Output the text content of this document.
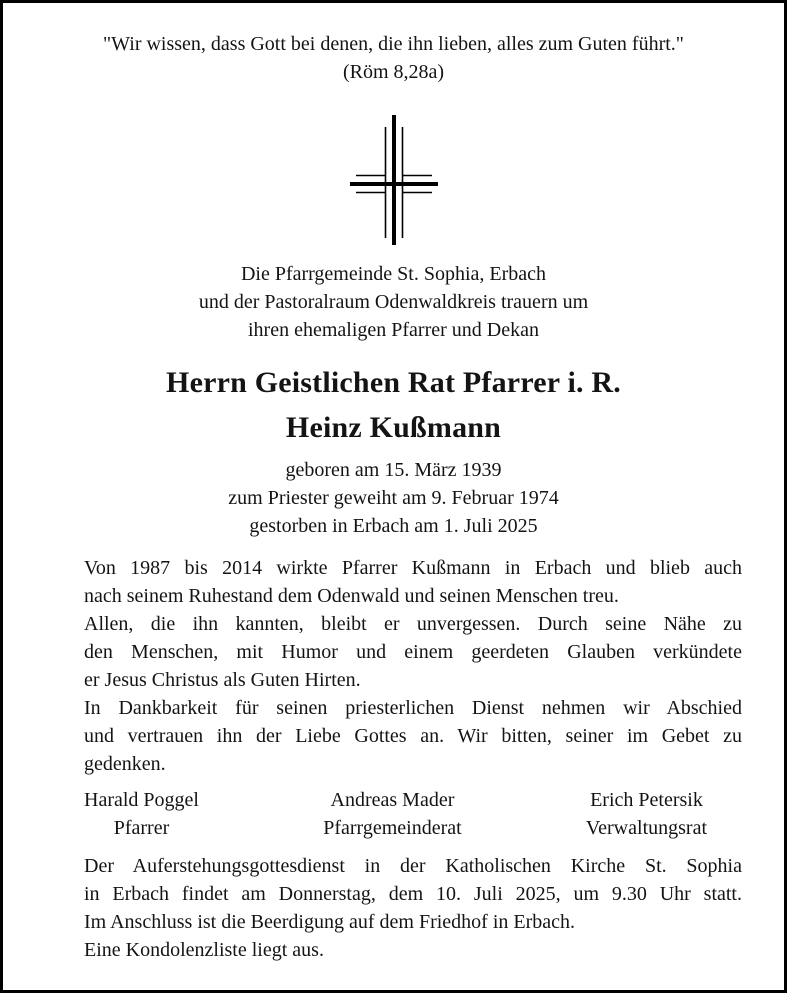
"Wir wissen, dass Gott bei denen, die ihn lieben, alles zum Guten führt."
(Röm 8,28a)
Die Pfarrgemeinde St. Sophia, Erbach
und der Pastoralraum Odenwaldkreis trauern um
ihren ehemaligen Pfarrer und Dekan
Herrn Geistlichen Rat Pfarrer i. R.
Heinz Kußmann
geboren am 15. März 1939
zum Priester geweiht am 9. Februar 1974
gestorben in Erbach am 1. Juli 2025
Von 1987 bis 2014 wirkte Pfarrer Kußmann in Erbach und blieb auch
nach seinem Ruhestand dem Odenwald und seinen Menschen treu.
Allen, die ihn kannten, bleibt er unvergessen. Durch seine Nähe zu
den Menschen, mit Humor und einem geerdeten Glauben verkündete
er Jesus Christus als Guten Hirten.
In Dankbarkeit für seinen priesterlichen Dienst nehmen wir Abschied
und vertrauen ihn der Liebe Gottes an. Wir bitten, seiner im Gebet zu
gedenken.
Harald Poggel
Pfarrer
Andreas Mader
Pfarrgemeinderat
Erich Petersik
Verwaltungsrat
Der Auferstehungsgottesdienst in der Katholischen Kirche St. Sophia
in Erbach findet am Donnerstag, dem 10. Juli 2025, um 9.30 Uhr statt.
Im Anschluss ist die Beerdigung auf dem Friedhof in Erbach.
Eine Kondolenzliste liegt aus.
